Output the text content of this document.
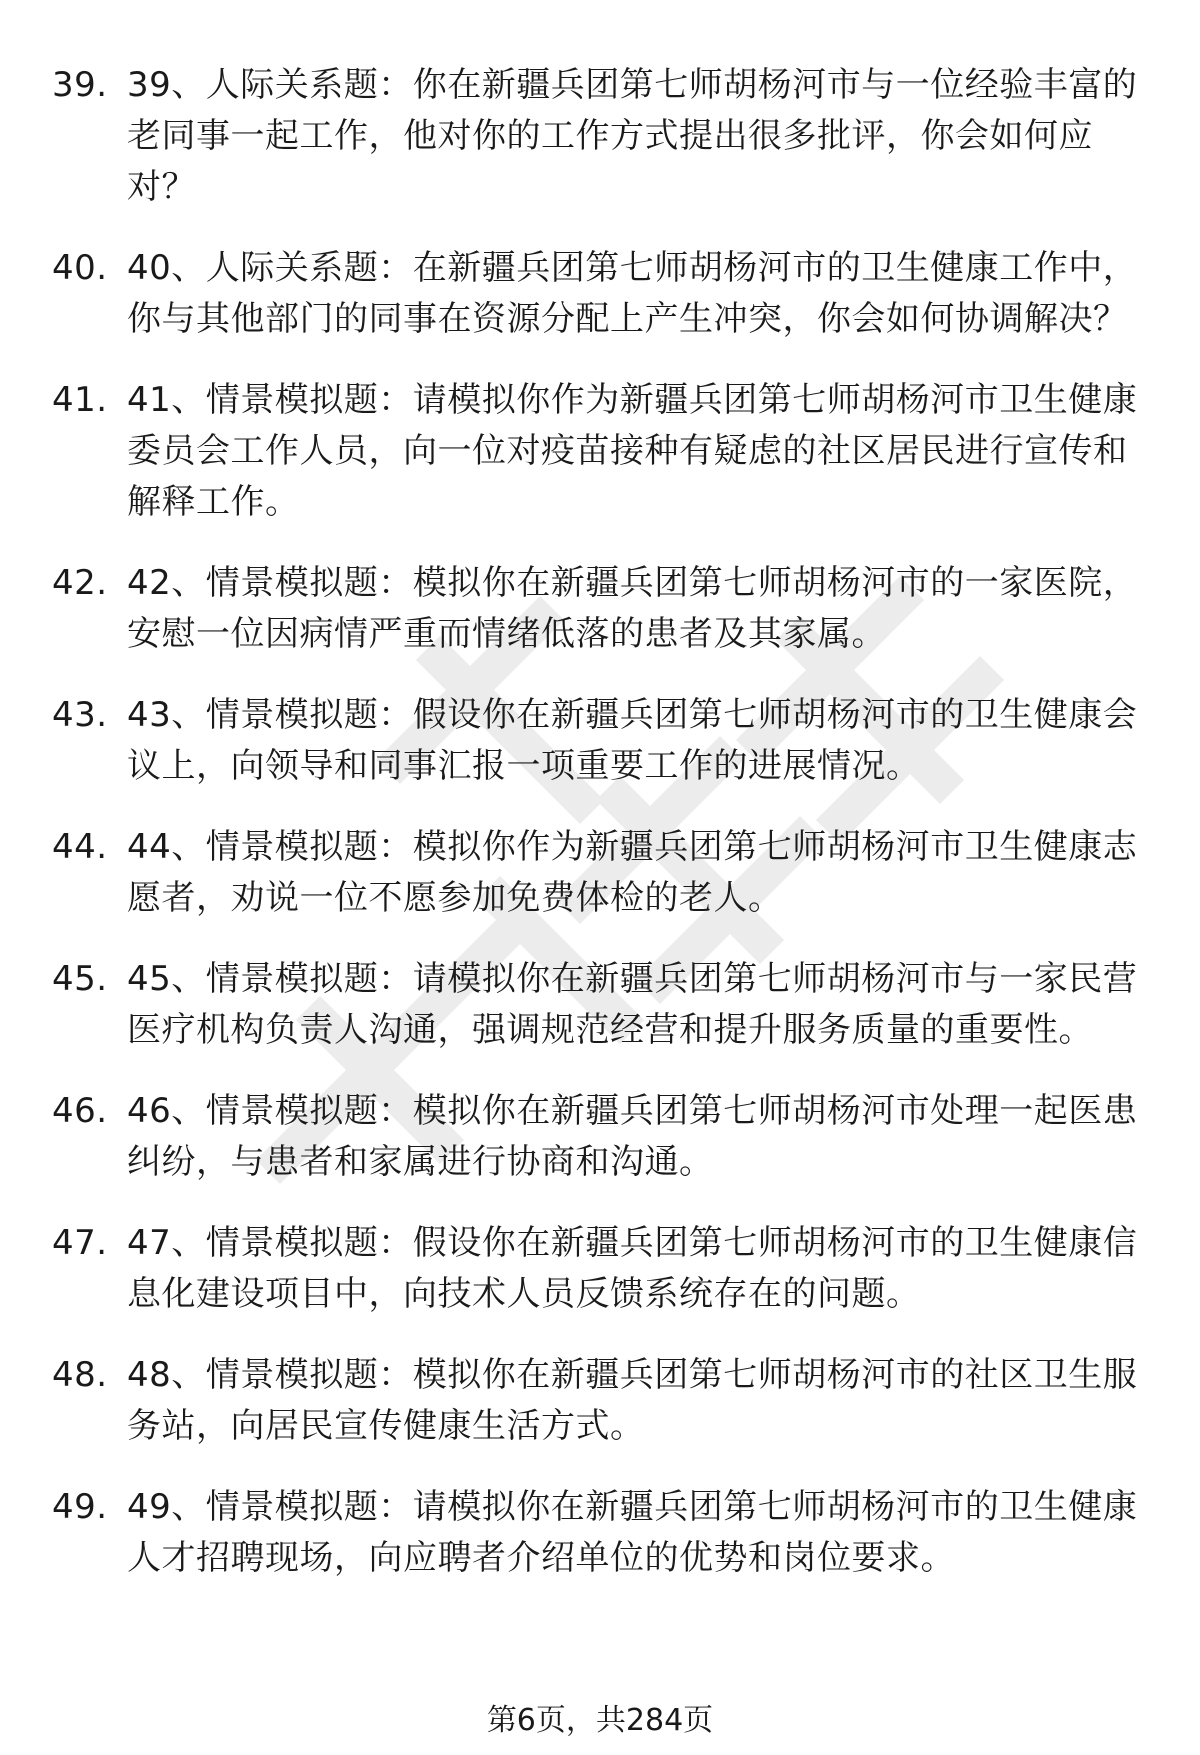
39. 39、人际关系题：你在新疆兵团第七师胡杨河市与一位经验丰富的老同事一起工作，他对你的工作方式提出很多批评，你会如何应对？
40. 40、人际关系题：在新疆兵团第七师胡杨河市的卫生健康工作中，你与其他部门的同事在资源分配上产生冲突，你会如何协调解决？
41. 41、情景模拟题：请模拟你作为新疆兵团第七师胡杨河市卫生健康委员会工作人员，向一位对疫苗接种有疑虑的社区居民进行宣传和解释工作。
42. 42、情景模拟题：模拟你在新疆兵团第七师胡杨河市的一家医院，安慰一位因病情严重而情绪低落的患者及其家属。
43. 43、情景模拟题：假设你在新疆兵团第七师胡杨河市的卫生健康会议上，向领导和同事汇报一项重要工作的进展情况。
44. 44、情景模拟题：模拟你作为新疆兵团第七师胡杨河市卫生健康志愿者，劝说一位不愿参加免费体检的老人。
45. 45、情景模拟题：请模拟你在新疆兵团第七师胡杨河市与一家民营医疗机构负责人沟通，强调规范经营和提升服务质量的重要性。
46. 46、情景模拟题：模拟你在新疆兵团第七师胡杨河市处理一起医患纠纷，与患者和家属进行协商和沟通。
47. 47、情景模拟题：假设你在新疆兵团第七师胡杨河市的卫生健康信息化建设项目中，向技术人员反馈系统存在的问题。
48. 48、情景模拟题：模拟你在新疆兵团第七师胡杨河市的社区卫生服务站，向居民宣传健康生活方式。
49. 49、情景模拟题：请模拟你在新疆兵团第七师胡杨河市的卫生健康人才招聘现场，向应聘者介绍单位的优势和岗位要求。
第6页，共284页
